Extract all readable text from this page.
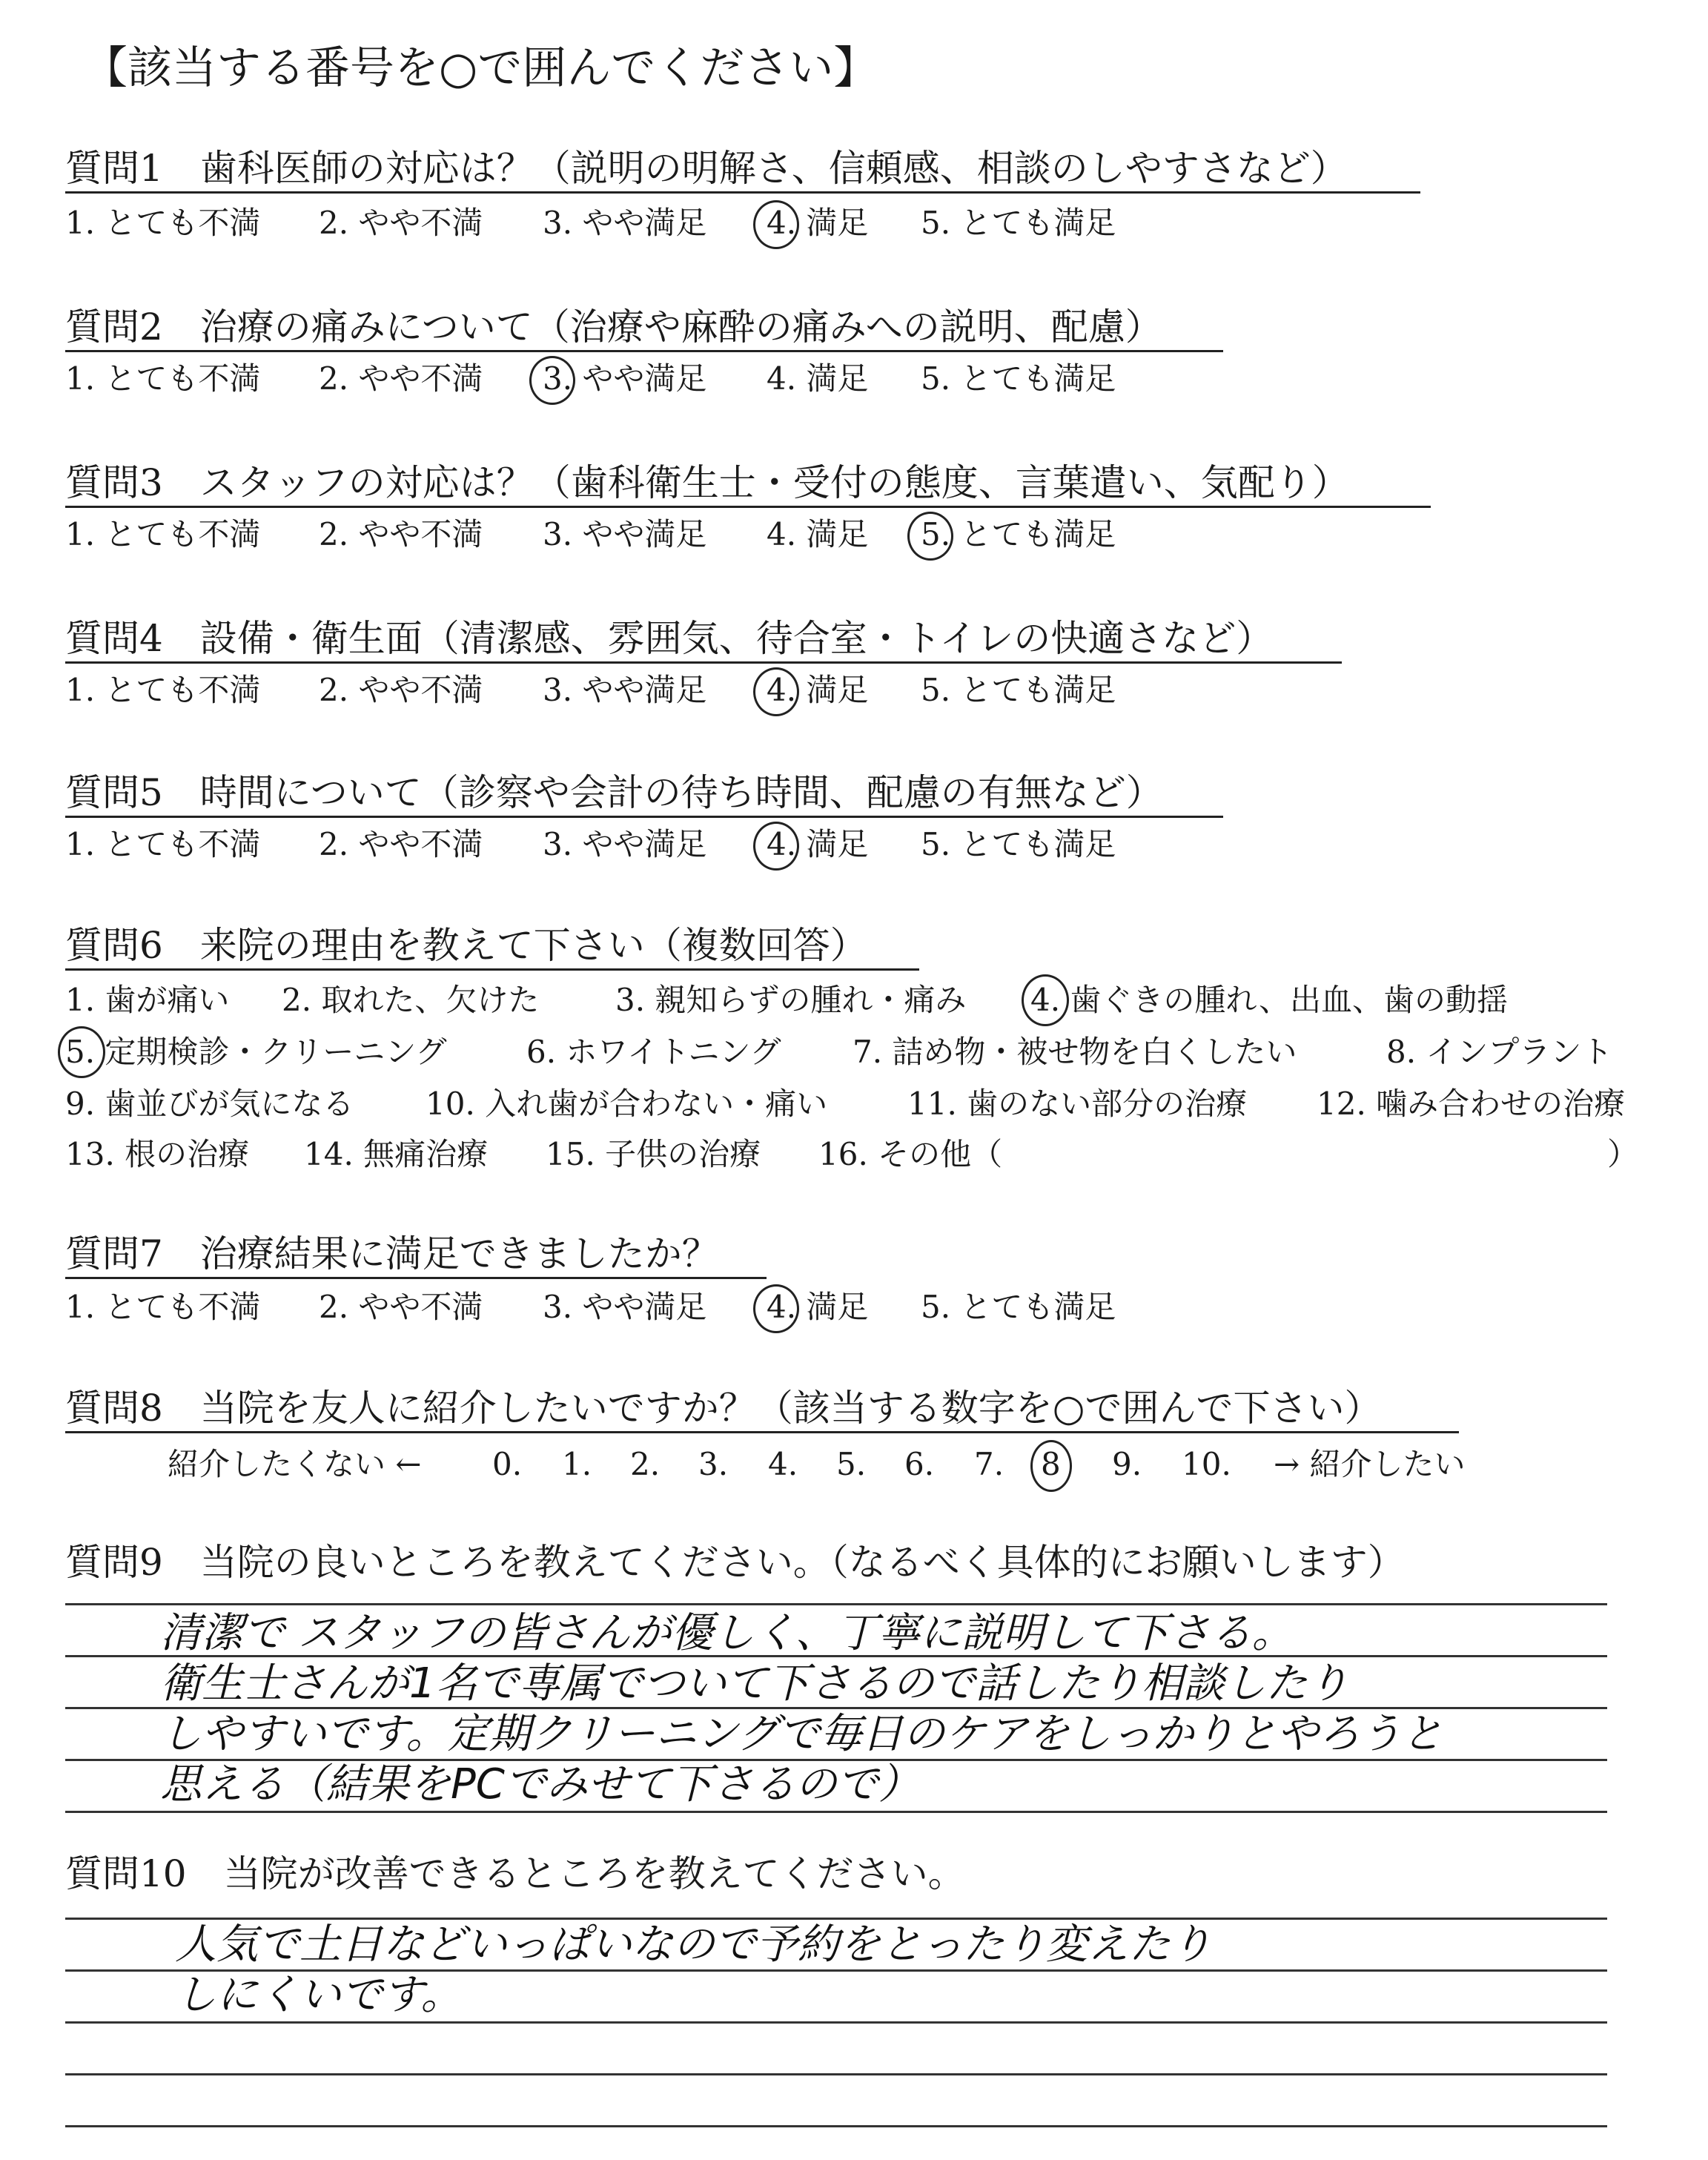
【該当する番号を○で囲んでください】
質問1　歯科医師の対応は？（説明の明解さ、信頼感、相談のしやすさなど）
1. とても不満 2. やや不満 3. やや満足 4. 満足 5. とても満足
質問2　治療の痛みについて（治療や麻酔の痛みへの説明、配慮）
1. とても不満 2. やや不満 3. やや満足 4. 満足 5. とても満足
質問3　スタッフの対応は？（歯科衛生士・受付の態度、言葉遣い、気配り）
1. とても不満 2. やや不満 3. やや満足 4. 満足 5. とても満足
質問4　設備・衛生面（清潔感、雰囲気、待合室・トイレの快適さなど）
1. とても不満 2. やや不満 3. やや満足 4. 満足 5. とても満足
質問5　時間について（診察や会計の待ち時間、配慮の有無など）
1. とても不満 2. やや不満 3. やや満足 4. 満足 5. とても満足
質問6　来院の理由を教えて下さい（複数回答）
1. 歯が痛い 2. 取れた、欠けた 3. 親知らずの腫れ・痛み 4. 歯ぐきの腫れ、出血、歯の動揺
5. 定期検診・クリーニング	6. ホワイトニング 7. 詰め物・被せ物を白くしたい	8. インプラント
9. 歯並びが気になる 10. 入れ歯が合わない・痛い	11. 歯のない部分の治療 12. 噛み合わせの治療
13. 根の治療 14. 無痛治療 15. 子供の治療 16. その他（	）
質問7　治療結果に満足できましたか？
1. とても不満 2. やや不満 3. やや満足 4. 満足 5. とても満足
質問8　当院を友人に紹介したいですか？（該当する数字を○で囲んで下さい）
紹介したくない ← 0. 1. 2. 3. 4. 5. 6. 7. 8 9. 10. → 紹介したい
質問9　当院の良いところを教えてください。（なるべく具体的にお願いします）
清潔で スタッフの皆さんが優しく、丁寧に説明して下さる。
衛生士さんが1名で専属でついて下さるので話したり相談したり
しやすいです。定期クリーニングで毎日のケアをしっかりとやろうと
思える（結果をPCでみせて下さるので）
質問10　当院が改善できるところを教えてください。
人気で土日などいっぱいなので予約をとったり変えたり
しにくいです。
